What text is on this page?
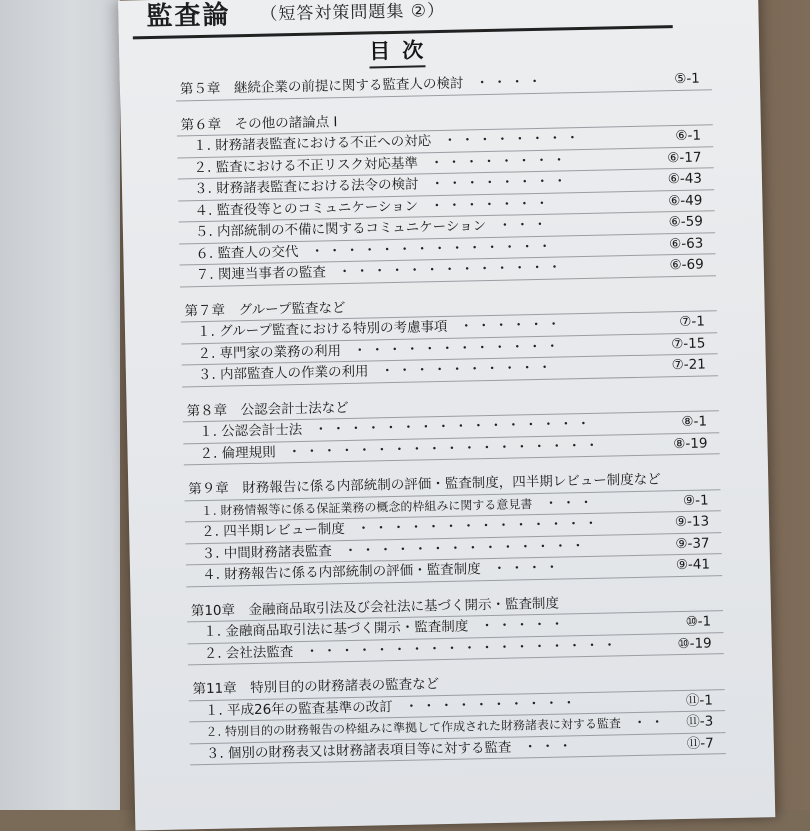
監査論 （短答対策問題集 ②）
目次
第５章　継続企業の前提に関する監査人の検討 ・・・・	⑤-1
第６章　その他の諸論点 Ⅰ
１. 財務諸表監査における不正への対応 ・・・・・・・・	⑥-1
２. 監査における不正リスク対応基準 ・・・・・・・・	⑥-17
３. 財務諸表監査における法令の検討 ・・・・・・・・	⑥-43
４. 監査役等とのコミュニケーション ・・・・・・・	⑥-49
５. 内部統制の不備に関するコミュニケーション ・・・	⑥-59
６. 監査人の交代 ・・・・・・・・・・・・・・	⑥-63
７. 関連当事者の監査 ・・・・・・・・・・・・・	⑥-69
第７章　グループ監査など
１. グループ監査における特別の考慮事項 ・・・・・・	⑦-1
２. 専門家の業務の利用 ・・・・・・・・・・・・	⑦-15
３. 内部監査人の作業の利用 ・・・・・・・・・・	⑦-21
第８章　公認会計士法など
１. 公認会計士法 ・・・・・・・・・・・・・・・・	⑧-1
２. 倫理規則 ・・・・・・・・・・・・・・・・・・	⑧-19
第９章　財務報告に係る内部統制の評価・監査制度，四半期レビュー制度など
１. 財務情報等に係る保証業務の概念的枠組みに関する意見書 ・・・	⑨-1
２. 四半期レビュー制度 ・・・・・・・・・・・・・・	⑨-13
３. 中間財務諸表監査 ・・・・・・・・・・・・・・	⑨-37
４. 財務報告に係る内部統制の評価・監査制度 ・・・・	⑨-41
第10章　金融商品取引法及び会社法に基づく開示・監査制度
１. 金融商品取引法に基づく開示・監査制度 ・・・・・	⑩-1
２. 会社法監査 ・・・・・・・・・・・・・・・・・・	⑩-19
第11章　特別目的の財務諸表の監査など
１. 平成26年の監査基準の改訂 ・・・・・・・・・・	⑪-1
２. 特別目的の財務報告の枠組みに準拠して作成された財務諸表に対する監査 ・・ ⑪-3
３. 個別の財務表又は財務諸表項目等に対する監査 ・・・	⑪-7
